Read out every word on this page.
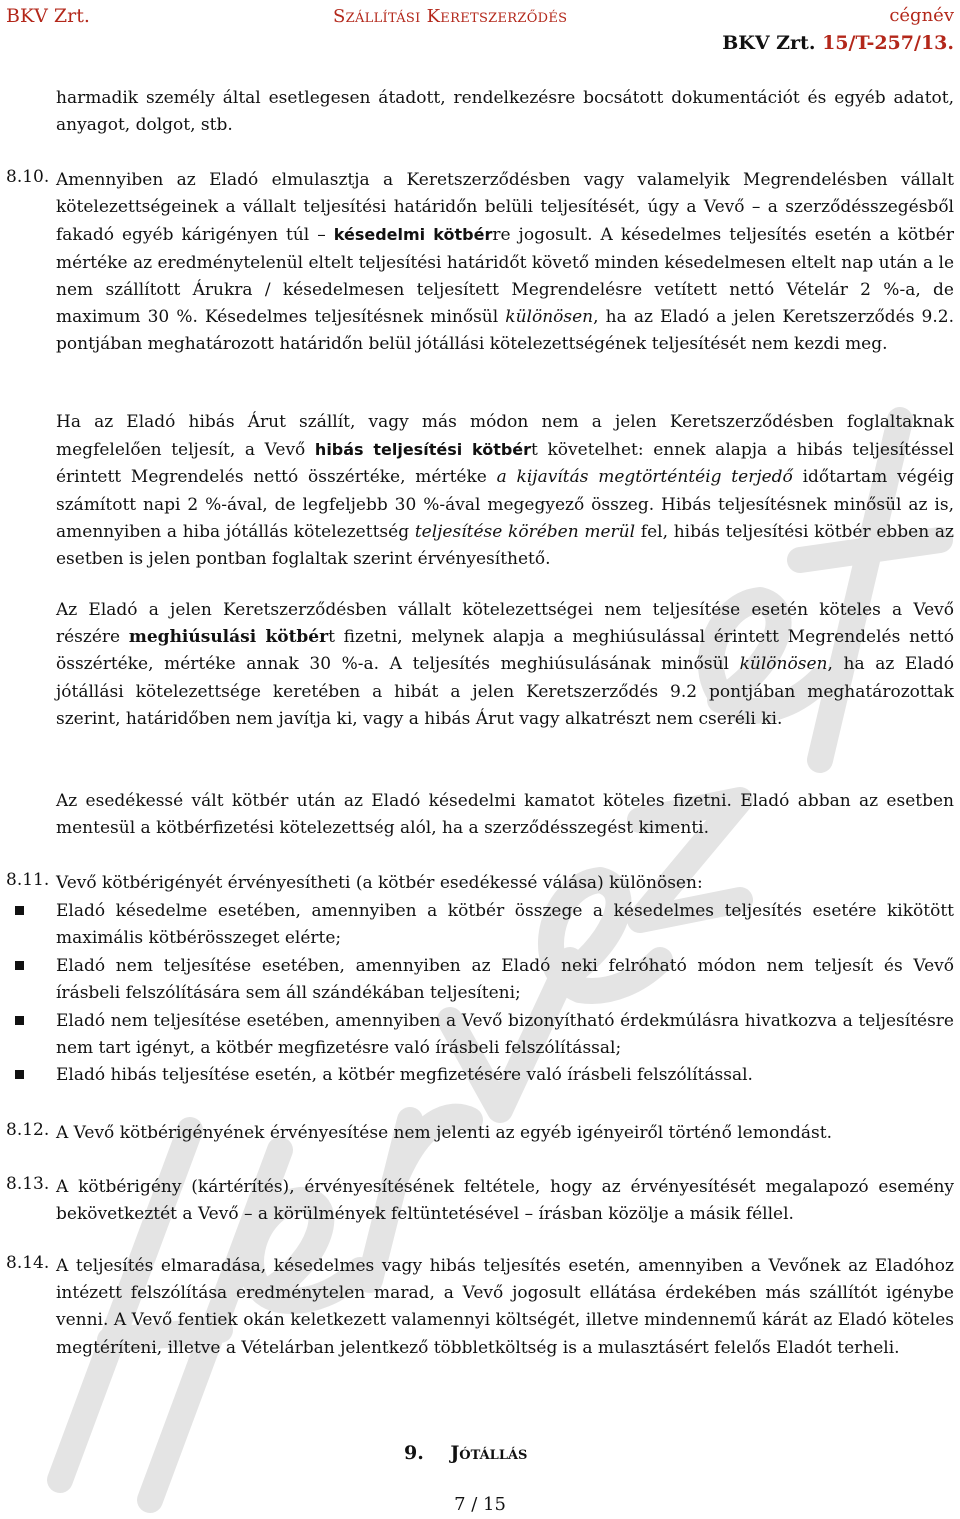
BKV Zrt.	Szállítási Keretszerződés	cégnév
BKV Zrt. 15/T-257/13.

harmadik személy által esetlegesen átadott, rendelkezésre bocsátott dokumentációt és egyéb adatot, anyagot, dolgot, stb.

8.10. Amennyiben az Eladó elmulasztja a Keretszerződésben vagy valamelyik Megrendelésben vállalt kötelezettségeinek a vállalt teljesítési határidőn belüli teljesítését, úgy a Vevő – a szerződésszegésből fakadó egyéb kárigényen túl – késedelmi kötbérre jogosult. A késedelmes teljesítés esetén a kötbér mértéke az eredménytelenül eltelt teljesítési határidőt követő minden késedelmesen eltelt nap után a le nem szállított Árukra / késedelmesen teljesített Megrendelésre vetített nettó Vételár 2 %-a, de maximum 30 %. Késedelmes teljesítésnek minősül különösen, ha az Eladó a jelen Keretszerződés 9.2. pontjában meghatározott határidőn belül jótállási kötelezettségének teljesítését nem kezdi meg.

Ha az Eladó hibás Árut szállít, vagy más módon nem a jelen Keretszerződésben foglaltaknak megfelelően teljesít, a Vevő hibás teljesítési kötbért követelhet: ennek alapja a hibás teljesítéssel érintett Megrendelés nettó összértéke, mértéke a kijavítás megtörténtéig terjedő időtartam végéig számított napi 2 %-ával, de legfeljebb 30 %-ával megegyező összeg. Hibás teljesítésnek minősül az is, amennyiben a hiba jótállás kötelezettség teljesítése körében merül fel, hibás teljesítési kötbér ebben az esetben is jelen pontban foglaltak szerint érvényesíthető.

Az Eladó a jelen Keretszerződésben vállalt kötelezettségei nem teljesítése esetén köteles a Vevő részére meghiúsulási kötbért fizetni, melynek alapja a meghiúsulással érintett Megrendelés nettó összértéke, mértéke annak 30 %-a. A teljesítés meghiúsulásának minősül különösen, ha az Eladó jótállási kötelezettsége keretében a hibát a jelen Keretszerződés 9.2 pontjában meghatározottak szerint, határidőben nem javítja ki, vagy a hibás Árut vagy alkatrészt nem cseréli ki.

Az esedékessé vált kötbér után az Eladó késedelmi kamatot köteles fizetni. Eladó abban az esetben mentesül a kötbérfizetési kötelezettség alól, ha a szerződésszegést kimenti.

8.11. Vevő kötbérigényét érvényesítheti (a kötbér esedékessé válása) különösen:

Eladó késedelme esetében, amennyiben a kötbér összege a késedelmes teljesítés esetére kikötött maximális kötbérösszeget elérte;
Eladó nem teljesítése esetében, amennyiben az Eladó neki felróható módon nem teljesít és Vevő írásbeli felszólítására sem áll szándékában teljesíteni;
Eladó nem teljesítése esetében, amennyiben a Vevő bizonyítható érdekmúlásra hivatkozva a teljesítésre nem tart igényt, a kötbér megfizetésre való írásbeli felszólítással;
Eladó hibás teljesítése esetén, a kötbér megfizetésére való írásbeli felszólítással.
8.12. A Vevő kötbérigényének érvényesítése nem jelenti az egyéb igényeiről történő lemondást.

8.13. A kötbérigény (kártérítés), érvényesítésének feltétele, hogy az érvényesítését megalapozó esemény bekövetkeztét a Vevő – a körülmények feltüntetésével – írásban közölje a másik féllel.

8.14. A teljesítés elmaradása, késedelmes vagy hibás teljesítés esetén, amennyiben a Vevőnek az Eladóhoz intézett felszólítása eredménytelen marad, a Vevő jogosult ellátása érdekében más szállítót igénybe venni. A Vevő fentiek okán keletkezett valamennyi költségét, illetve mindennemű kárát az Eladó köteles megtéríteni, illetve a Vételárban jelentkező többletköltség is a mulasztásért felelős Eladót terheli.

9. Jótállás
7 / 15
